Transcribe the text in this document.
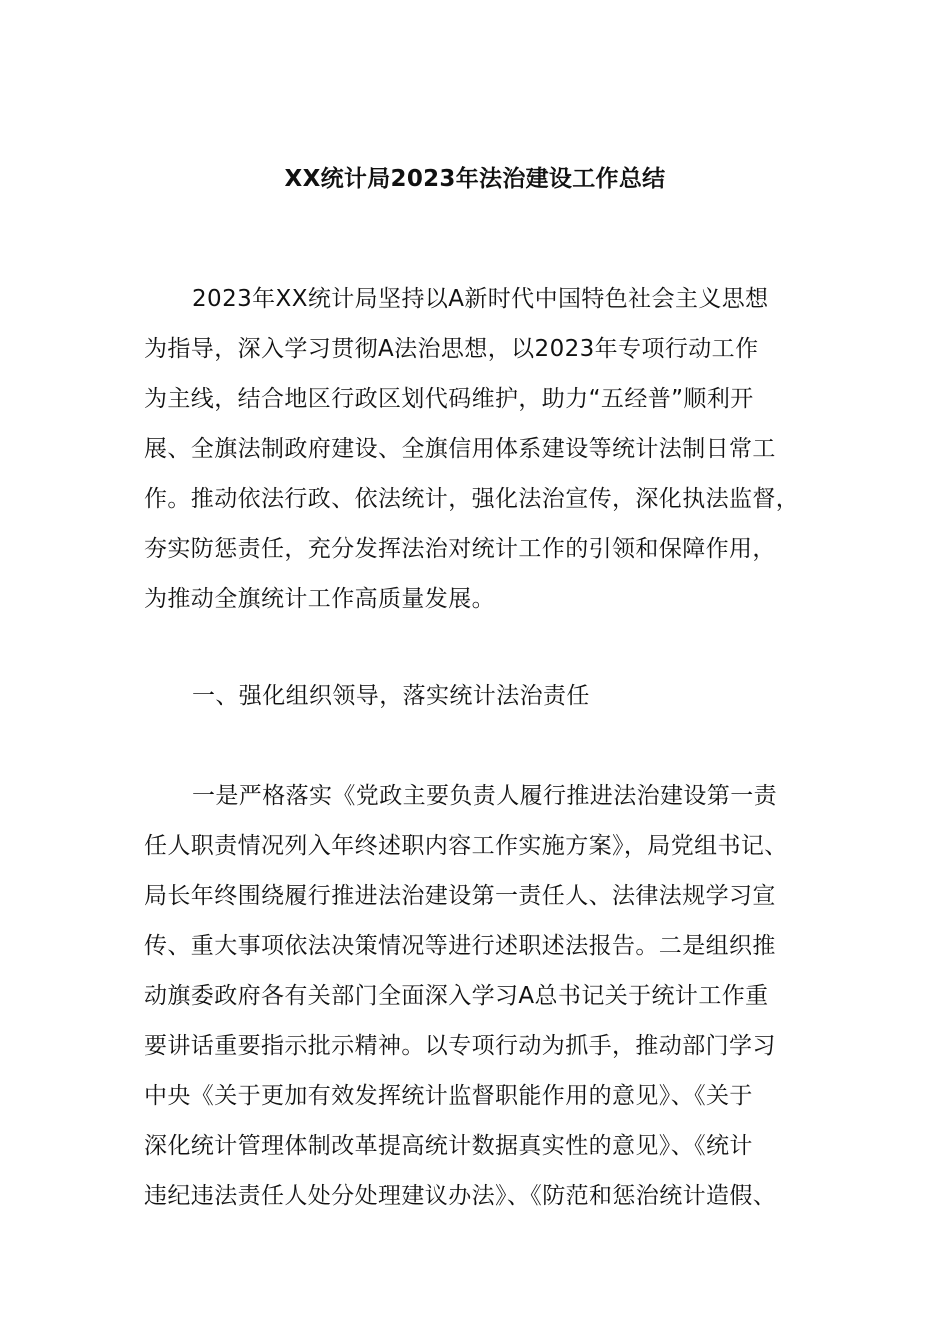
XX统计局2023年法治建设工作总结
2023年XX统计局坚持以A新时代中国特色社会主义思想
为指导，深入学习贯彻A法治思想，以2023年专项行动工作
为主线，结合地区行政区划代码维护，助力“五经普”顺利开
展、全旗法制政府建设、全旗信用体系建设等统计法制日常工
作。推动依法行政、依法统计，强化法治宣传，深化执法监督，
夯实防惩责任，充分发挥法治对统计工作的引领和保障作用，
为推动全旗统计工作高质量发展。
一、强化组织领导，落实统计法治责任
一是严格落实《党政主要负责人履行推进法治建设第一责
任人职责情况列入年终述职内容工作实施方案》，局党组书记、
局长年终围绕履行推进法治建设第一责任人、法律法规学习宣
传、重大事项依法决策情况等进行述职述法报告。二是组织推
动旗委政府各有关部门全面深入学习A总书记关于统计工作重
要讲话重要指示批示精神。以专项行动为抓手，推动部门学习
中央《关于更加有效发挥统计监督职能作用的意见》、《关于
深化统计管理体制改革提高统计数据真实性的意见》、《统计
违纪违法责任人处分处理建议办法》、《防范和惩治统计造假、
